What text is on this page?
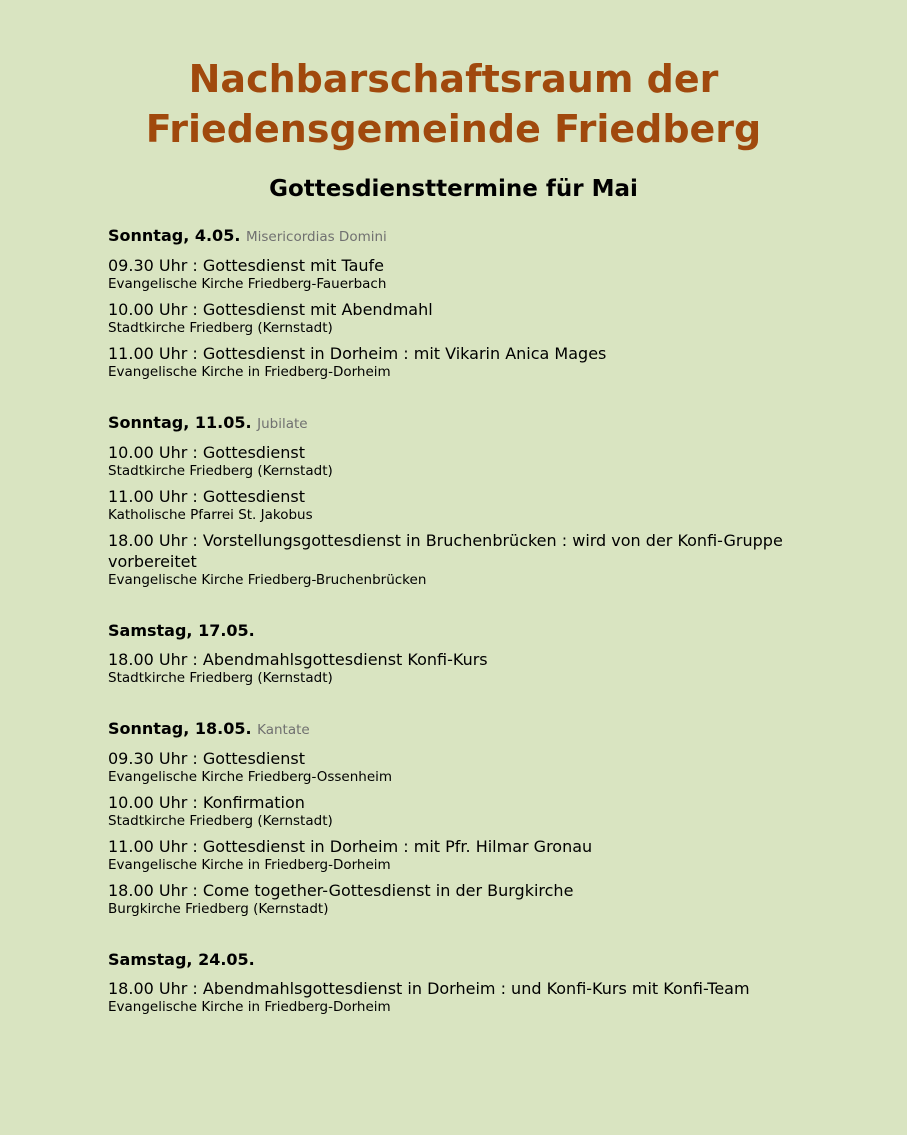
Nachbarschaftsraum der
Friedensgemeinde Friedberg
Gottesdiensttermine für Mai
Sonntag, 4.05. Misericordias Domini
09.30 Uhr : Gottesdienst mit Taufe
Evangelische Kirche Friedberg-Fauerbach
10.00 Uhr : Gottesdienst mit Abendmahl
Stadtkirche Friedberg (Kernstadt)
11.00 Uhr : Gottesdienst in Dorheim : mit Vikarin Anica Mages
Evangelische Kirche in Friedberg-Dorheim
Sonntag, 11.05. Jubilate
10.00 Uhr : Gottesdienst
Stadtkirche Friedberg (Kernstadt)
11.00 Uhr : Gottesdienst
Katholische Pfarrei St. Jakobus
18.00 Uhr : Vorstellungsgottesdienst in Bruchenbrücken : wird von der Konfi-Gruppe vorbereitet
Evangelische Kirche Friedberg-Bruchenbrücken
Samstag, 17.05.
18.00 Uhr : Abendmahlsgottesdienst Konfi-Kurs
Stadtkirche Friedberg (Kernstadt)
Sonntag, 18.05. Kantate
09.30 Uhr : Gottesdienst
Evangelische Kirche Friedberg-Ossenheim
10.00 Uhr : Konfirmation
Stadtkirche Friedberg (Kernstadt)
11.00 Uhr : Gottesdienst in Dorheim : mit Pfr. Hilmar Gronau
Evangelische Kirche in Friedberg-Dorheim
18.00 Uhr : Come together-Gottesdienst in der Burgkirche
Burgkirche Friedberg (Kernstadt)
Samstag, 24.05.
18.00 Uhr : Abendmahlsgottesdienst in Dorheim : und Konfi-Kurs mit Konfi-Team
Evangelische Kirche in Friedberg-Dorheim
